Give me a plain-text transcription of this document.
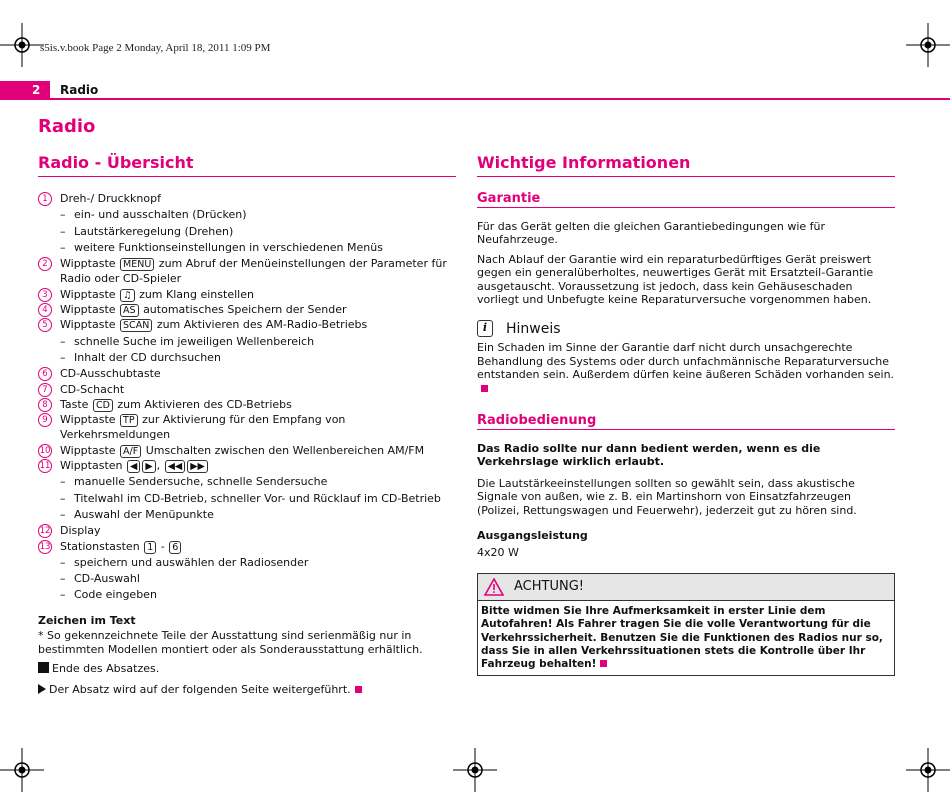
s5is.v.book Page 2 Monday, April 18, 2011 1:09 PM
2	Radio
Radio
Radio - Übersicht
1	Dreh-/ Druckknopf
– ein- und ausschalten (Drücken)
– Lautstärkeregelung (Drehen)
– weitere Funktionseinstellungen in verschiedenen Menüs
2	Wipptaste MENU zum Abruf der Menüeinstellungen der Parameter für Radio oder CD-Spieler
3	Wipptaste ♫ zum Klang einstellen
4	Wipptaste AS automatisches Speichern der Sender
5	Wipptaste SCAN zum Aktivieren des AM-Radio-Betriebs
– schnelle Suche im jeweiligen Wellenbereich
– Inhalt der CD durchsuchen
6	CD-Ausschubtaste
7	CD-Schacht
8	Taste CD zum Aktivieren des CD-Betriebs
9	Wipptaste TP zur Aktivierung für den Empfang von Verkehrsmeldungen
10 Wipptaste A/F Umschalten zwischen den Wellenbereichen AM/FM
11 Wipptasten ◀ ▶ , ◀◀ ▶▶
– manuelle Sendersuche, schnelle Sendersuche
– Titelwahl im CD-Betrieb, schneller Vor- und Rücklauf im CD-Betrieb
– Auswahl der Menüpunkte
12 Display
13 Stationstasten 1 - 6
– speichern und auswählen der Radiosender
– CD-Auswahl
– Code eingeben
Zeichen im Text
* So gekennzeichnete Teile der Ausstattung sind serienmäßig nur in bestimmten Modellen montiert oder als Sonderausstattung erhältlich.
Ende des Absatzes.
Der Absatz wird auf der folgenden Seite weitergeführt.
Wichtige Informationen
Garantie
Für das Gerät gelten die gleichen Garantiebedingungen wie für Neufahrzeuge.
Nach Ablauf der Garantie wird ein reparaturbedürftiges Gerät preiswert gegen ein generalüberholtes, neuwertiges Gerät mit Ersatzteil-Garantie ausgetauscht. Voraussetzung ist jedoch, dass kein Gehäuseschaden vorliegt und Unbefugte keine Reparaturversuche vorgenommen haben.
i	Hinweis
Ein Schaden im Sinne der Garantie darf nicht durch unsachgerechte Behandlung des Systems oder durch unfachmännische Reparaturversuche entstanden sein. Außerdem dürfen keine äußeren Schäden vorhanden sein.
Radiobedienung
Das Radio sollte nur dann bedient werden, wenn es die Verkehrslage wirklich erlaubt.
Die Lautstärkeeinstellungen sollten so gewählt sein, dass akustische Signale von außen, wie z. B. ein Martinshorn von Einsatzfahrzeugen (Polizei, Rettungswagen und Feuerwehr), jederzeit gut zu hören sind.
Ausgangsleistung
4x20 W
ACHTUNG!
Bitte widmen Sie Ihre Aufmerksamkeit in erster Linie dem Autofahren! Als Fahrer tragen Sie die volle Verantwortung für die Verkehrssicherheit. Benutzen Sie die Funktionen des Radios nur so, dass Sie in allen Verkehrssituationen stets die Kontrolle über Ihr Fahrzeug behalten!
